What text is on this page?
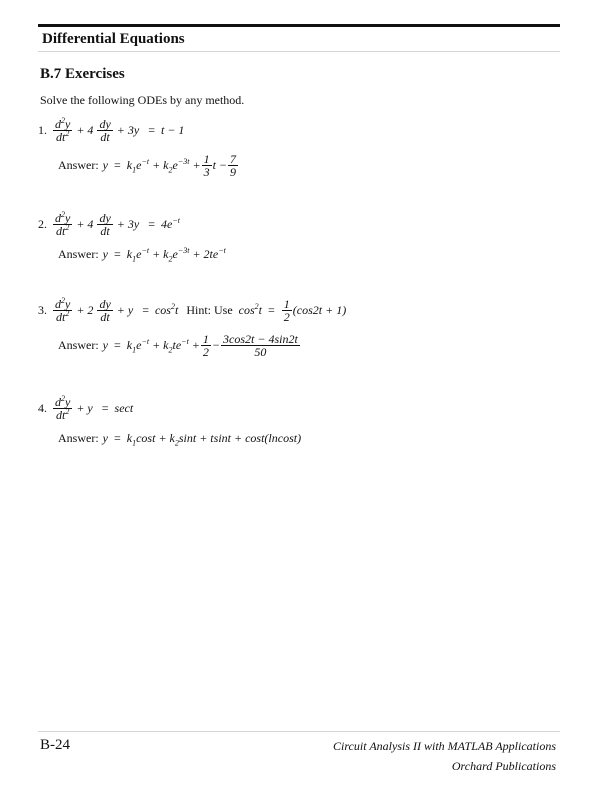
Differential Equations
B.7 Exercises
Solve the following ODEs by any method.
1. $\frac{d^2y}{dt^2} + 4 \frac{dy}{dt} + 3y = t - 1$
Answer: $y = k_1e^{-t} + k_2e^{-3t} + \frac{1}{3}$ $t - \frac{7}{9}$
2. $\frac{d^2y}{dt^2} + 4 \frac{dy}{dt} + 3y = 4e^{-t}$
Answer: $y = k_1e^{-t} + k_2e^{-3t} + 2te^{-t}$
3. $\frac{d^2y}{dt^2} + 2 \frac{dy}{dt} + y = \cos^2t$ Hint: Use $\cos^2t = \frac{1}{2} (\cos 2t + 1)$
Answer: $y = k_1e^{-t} + k_2te^{-t} + \frac{1}{2} - \frac{3\cos 2t - 4\sin 2t}{50}$
4. $\frac{d^2y}{dt^2} + y = \sec t$
Answer: $y = k_1\cos t + k_2\sin t + tsint + \cos t(lncost)$
B-24	Circuit Analysis II with MATLAB Applications
Orchard Publications
